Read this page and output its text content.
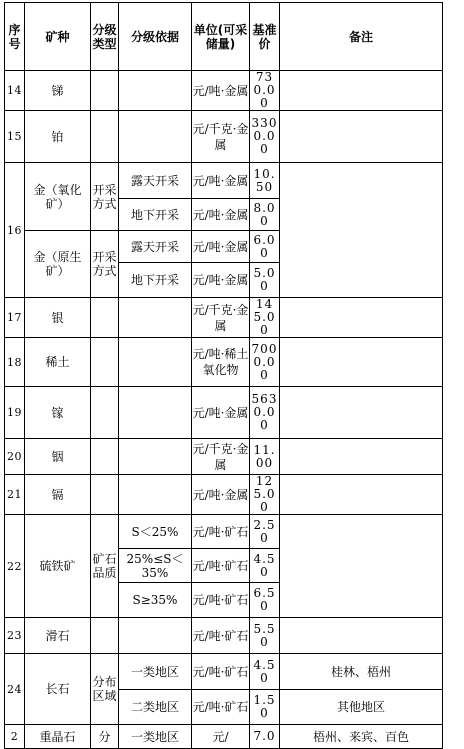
序号	矿种	分级类型	分级依据	单位(可采储量)	基准价	备注
14	锑			元/吨·金属	730.00	
15	铂			元/千克·金属	3300.00	
16	金（氧化矿）	开采方式	露天开采	元/吨·金属	10.50	
			地下开采	元/吨·金属	8.00	
	金（原生矿）	开采方式	露天开采	元/吨·金属	6.00	
			地下开采	元/吨·金属	5.00	
17	银			元/千克·金属	145.00	
18	稀土			元/吨·稀土氧化物	7000.00	
19	镓			元/吨·金属	5630.00	
20	铟			元/千克·金属	11.00	
21	镉			元/吨·金属	125.00	
22	硫铁矿	矿石品质	S＜25%	元/吨·矿石	2.50	
			25%≤S＜35%	元/吨·矿石	4.50	
			S≥35%	元/吨·矿石	6.50	
23	滑石			元/吨·矿石	5.50	
24	长石	分布区域	一类地区	元/吨·矿石	4.50	桂林、梧州
			二类地区	元/吨·矿石	1.50	其他地区
2	重晶石	分	一类地区	元/	7.0	梧州、来宾、百色
